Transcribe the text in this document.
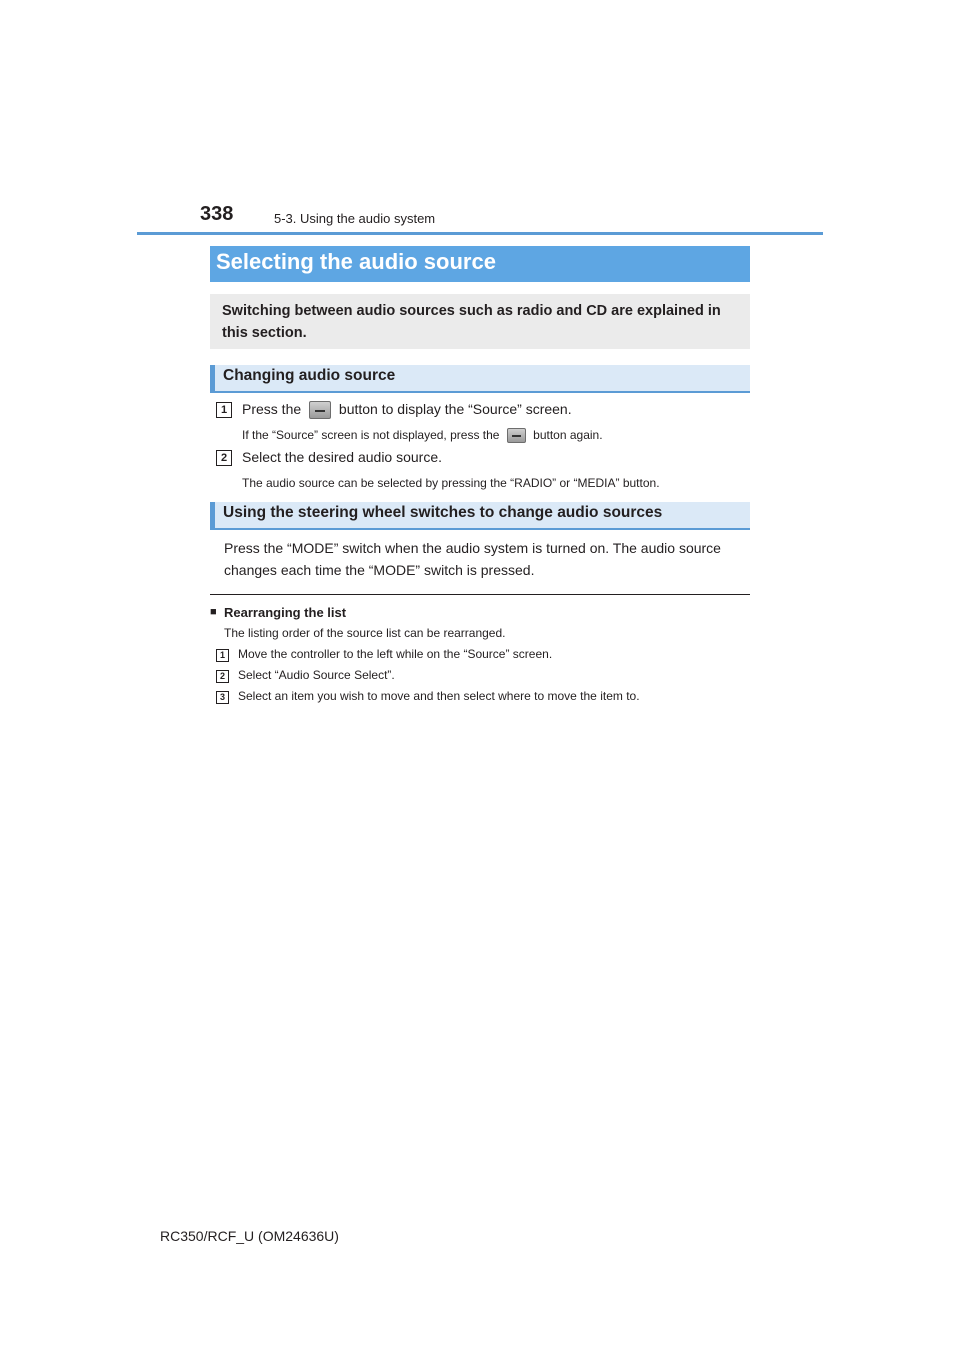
338	5-3. Using the audio system
Selecting the audio source
Switching between audio sources such as radio and CD are explained in this section.
Changing audio source
1	Press the	button to display the “Source” screen.
If the “Source” screen is not displayed, press the	button again.
2	Select the desired audio source.
The audio source can be selected by pressing the “RADIO” or “MEDIA” button.
Using the steering wheel switches to change audio sources
Press the “MODE” switch when the audio system is turned on. The audio source
changes each time the “MODE” switch is pressed.
■ Rearranging the list
The listing order of the source list can be rearranged.
1	Move the controller to the left while on the “Source” screen.
2	Select “Audio Source Select”.
3	Select an item you wish to move and then select where to move the item to.
RC350/RCF_U (OM24636U)
